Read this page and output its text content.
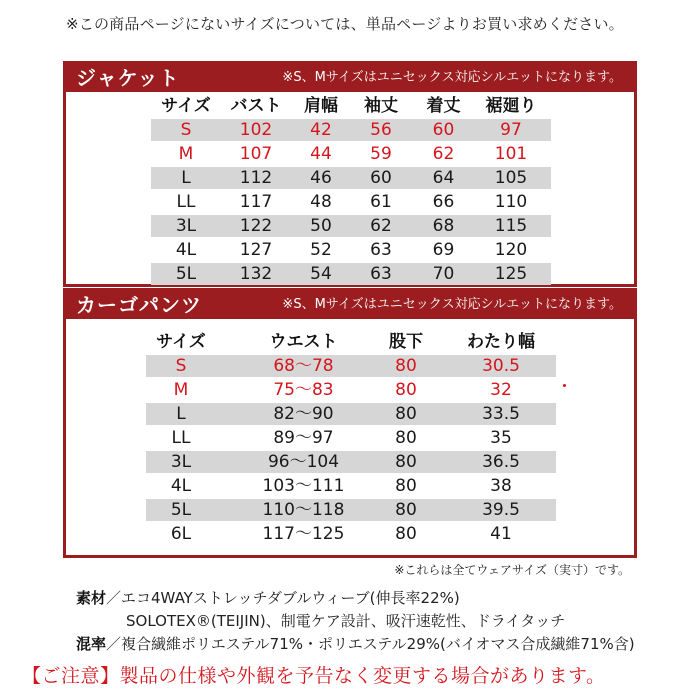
※この商品ページにないサイズについては、単品ページよりお買い求めください。
ジャケット	※S、Mサイズはユニセックス対応シルエットになります。
サイズ	バスト	肩幅	袖丈	着丈	裾廻り
S	102	42	56	60	97
M	107	44	59	62	101
L	112	46	60	64	105
LL	117	48	61	66	110
3L	122	50	62	68	115
4L	127	52	63	69	120
5L	132	54	63	70	125
カーゴパンツ	※S、Mサイズはユニセックス対応シルエットになります。
サイズ	ウエスト	股下	わたり幅
S	68～78	80	30.5
M	75～83	80	32
L	82～90	80	33.5
LL	89～97	80	35
3L	96～104	80	36.5
4L	103～111	80	38
5L	110～118	80	39.5
6L	117～125	80	41
※これらは全てウェアサイズ（実寸）です。
素材／エコ4WAYストレッチダブルウィーブ(伸長率22%)
SOLOTEX®(TEIJIN)、制電ケア設計、吸汗速乾性、ドライタッチ
混率／複合繊維ポリエステル71%・ポリエステル29%(バイオマス合成繊維71%含)
【ご注意】製品の仕様や外観を予告なく変更する場合があります。
